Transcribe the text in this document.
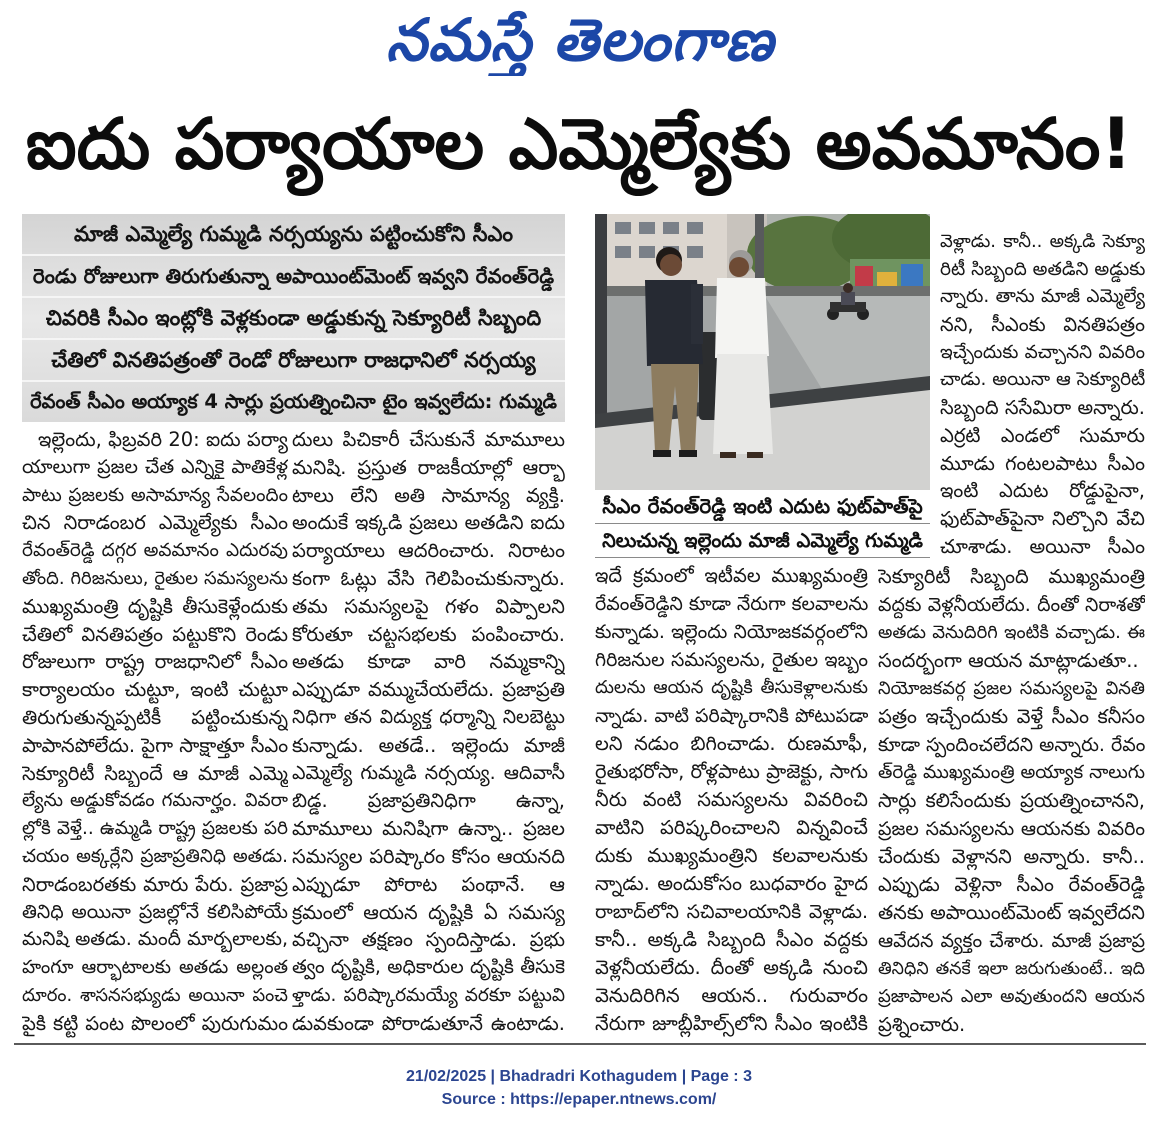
నమస్తే తెలంగాణ
ఐదు పర్యాయాల ఎమ్మెల్యేకు అవమానం!
మాజీ ఎమ్మెల్యే గుమ్మడి నర్సయ్యను పట్టించుకోని సీఎం
రెండు రోజులుగా తిరుగుతున్నా అపాయింట్‌మెంట్ ఇవ్వని రేవంత్‌రెడ్డి
చివరికి సీఎం ఇంట్లోకి వెళ్లకుండా అడ్డుకున్న సెక్యూరిటీ సిబ్బంది
చేతిలో వినతిపత్రంతో రెండో రోజులుగా రాజధానిలో నర్సయ్య
రేవంత్ సీఎం అయ్యాక 4 సార్లు ప్రయత్నించినా టైం ఇవ్వలేదు: గుమ్మడి
సీఎం రేవంత్‌రెడ్డి ఇంటి ఎదుట ఫుట్‌పాత్‌పై
నిలుచున్న ఇల్లెందు మాజీ ఎమ్మెల్యే గుమ్మడి
ఇల్లెందు, ఫిబ్రవరి 20: ఐదు పర్యా
యాలుగా ప్రజల చేత ఎన్నికై పాతికేళ్ల
పాటు ప్రజలకు అసామాన్య సేవలందిం
చిన నిరాడంబర ఎమ్మెల్యేకు సీఎం
రేవంత్‌రెడ్డి దగ్గర అవమానం ఎదురవు
తోంది. గిరిజనులు, రైతుల సమస్యలను
ముఖ్యమంత్రి దృష్టికి తీసుకెళ్లేందుకు
చేతిలో వినతిపత్రం పట్టుకొని రెండు
రోజులుగా రాష్ట్ర రాజధానిలో సీఎం
కార్యాలయం చుట్టూ, ఇంటి చుట్టూ
తిరుగుతున్నప్పటికీ పట్టించుకున్న
పాపానపోలేదు. పైగా సాక్షాత్తూ సీఎం
సెక్యూరిటీ సిబ్బందే ఆ మాజీ ఎమ్మె
ల్యేను అడ్డుకోవడం గమనార్హం. వివరా
ల్లోకి వెళ్తే.. ఉమ్మడి రాష్ట్ర ప్రజలకు పరి
చయం అక్కర్లేని ప్రజాప్రతినిధి అతడు.
నిరాడంబరతకు మారు పేరు. ప్రజాప్ర
తినిధి అయినా ప్రజల్లోనే కలిసిపోయే
మనిషి అతడు. మందీ మార్బలాలకు,
హంగూ ఆర్భాటాలకు అతడు అల్లంత
దూరం. శాసనసభ్యుడు అయినా పంచె
పైకి కట్టి పంట పొలంలో పురుగుమం
దులు పిచికారీ చేసుకునే మామూలు
మనిషి. ప్రస్తుత రాజకీయాల్లో ఆర్భా
టాలు లేని అతి సామాన్య వ్యక్తి.
అందుకే ఇక్కడి ప్రజలు అతడిని ఐదు
పర్యాయాలు ఆదరించారు. నిరాటం
కంగా ఓట్లు వేసి గెలిపించుకున్నారు.
తమ సమస్యలపై గళం విప్పాలని
కోరుతూ చట్టసభలకు పంపించారు.
అతడు కూడా వారి నమ్మకాన్ని
ఎప్పుడూ వమ్ముచేయలేదు. ప్రజాప్రతి
నిధిగా తన విద్యుక్త ధర్మాన్ని నిలబెట్టు
కున్నాడు. అతడే.. ఇల్లెందు మాజీ
ఎమ్మెల్యే గుమ్మడి నర్సయ్య. ఆదివాసీ
బిడ్డ. ప్రజాప్రతినిధిగా ఉన్నా,
మామూలు మనిషిగా ఉన్నా.. ప్రజల
సమస్యల పరిష్కారం కోసం ఆయనది
ఎప్పుడూ పోరాట పంథానే. ఆ
క్రమంలో ఆయన దృష్టికి ఏ సమస్య
వచ్చినా తక్షణం స్పందిస్తాడు. ప్రభు
త్వం దృష్టికి, అధికారుల దృష్టికి తీసుకె
ళ్తాడు. పరిష్కారమయ్యే వరకూ పట్టువి
డువకుండా పోరాడుతూనే ఉంటాడు.
ఇదే క్రమంలో ఇటీవల ముఖ్యమంత్రి
రేవంత్‌రెడ్డిని కూడా నేరుగా కలవాలను
కున్నాడు. ఇల్లెందు నియోజకవర్గంలోని
గిరిజనుల సమస్యలను, రైతుల ఇబ్బం
దులను ఆయన దృష్టికి తీసుకెళ్లాలనుకు
న్నాడు. వాటి పరిష్కారానికి పోటుపడా
లని నడుం బిగించాడు. రుణమాఫీ,
రైతుభరోసా, రోళ్లపాటు ప్రాజెక్టు, సాగు
నీరు వంటి సమస్యలను వివరించి
వాటిని పరిష్కరించాలని విన్నవించే
దుకు ముఖ్యమంత్రిని కలవాలనుకు
న్నాడు. అందుకోసం బుధవారం హైద
రాబాద్‌లోని సచివాలయానికి వెళ్లాడు.
కానీ.. అక్కడి సిబ్బంది సీఎం వద్దకు
వెళ్లనీయలేదు. దీంతో అక్కడి నుంచి
వెనుదిరిగిన ఆయన.. గురువారం
నేరుగా జూబ్లీహిల్స్‌లోని సీఎం ఇంటికి
వెళ్లాడు. కానీ.. అక్కడి సెక్యూ
రిటీ సిబ్బంది అతడిని అడ్డుకు
న్నారు. తాను మాజీ ఎమ్మెల్యే
నని, సీఎంకు వినతిపత్రం
ఇచ్చేందుకు వచ్చానని వివరిం
చాడు. అయినా ఆ సెక్యూరిటీ
సిబ్బంది ససేమిరా అన్నారు.
ఎర్రటి ఎండలో సుమారు
మూడు గంటలపాటు సీఎం
ఇంటి ఎదుట రోడ్డుపైనా,
ఫుట్‌పాత్‌పైనా నిల్చొని వేచి
చూశాడు. అయినా సీఎం
సెక్యూరిటీ సిబ్బంది ముఖ్యమంత్రి
వద్దకు వెళ్లనీయలేదు. దీంతో నిరాశతో
అతడు వెనుదిరిగి ఇంటికి వచ్చాడు. ఈ
సందర్భంగా ఆయన మాట్లాడుతూ..
నియోజకవర్గ ప్రజల సమస్యలపై వినతి
పత్రం ఇచ్చేందుకు వెళ్తే సీఎం కనీసం
కూడా స్పందించలేదని అన్నారు. రేవం
త్‌రెడ్డి ముఖ్యమంత్రి అయ్యాక నాలుగు
సార్లు కలిసేందుకు ప్రయత్నించానని,
ప్రజల సమస్యలను ఆయనకు వివరిం
చేందుకు వెళ్లానని అన్నారు. కానీ..
ఎప్పుడు వెళ్లినా సీఎం రేవంత్‌రెడ్డి
తనకు అపాయింట్‌మెంట్ ఇవ్వలేదని
ఆవేదన వ్యక్తం చేశారు. మాజీ ప్రజాప్ర
తినిధిని తనకే ఇలా జరుగుతుంటే.. ఇది
ప్రజాపాలన ఎలా అవుతుందని ఆయన
ప్రశ్నించారు.
21/02/2025 | Bhadradri Kothagudem | Page : 3
Source : https://epaper.ntnews.com/
